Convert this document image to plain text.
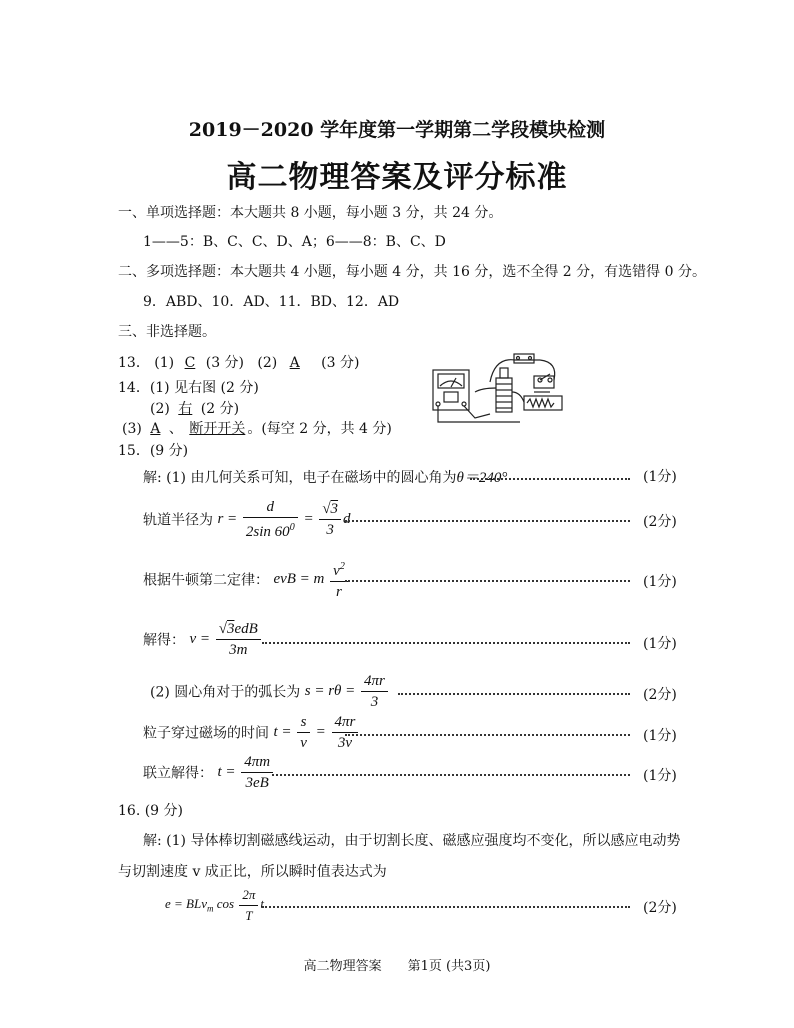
2019－2020 学年度第一学期第二学段模块检测
高二物理答案及评分标准
一、单项选择题：本大题共 8 小题，每小题 3 分，共 24 分。
1——5：B、C、C、D、A；6——8：B、C、D
二、多项选择题：本大题共 4 小题，每小题 4 分，共 16 分，选不全得 2 分，有选错得 0 分。
9．ABD、10．AD、11．BD、12．AD
三、非选择题。
13． (1) C (3 分) (2) A (3 分)
14．(1) 见右图 (2 分)
(2) 右 (2 分)
(3) A 、 断开开关 。(每空 2 分，共 4 分)
15．(9 分)
解: (1) 由几何关系可知，电子在磁场中的圆心角为θ＝240°	(1分)
轨道半径为 $r = \frac{d}{2\sin 60^0} = \frac{√3}{3}$ d	(2分)
根据牛顿第二定律： evB = m $\frac{v^2}{r}$	(1分)
解得： $v = \frac{\text{√3edB}}{3m}$	(1分)
(2) 圆心角对于的弧长为 $s = r\theta = \frac{4\pi r}{3}$	(2分)
粒子穿过磁场的时间 $t = \frac{s}{v} = \frac{4\pi r}{3v}$	(1分)
联立解得： $t = \frac{4\pi m}{3eB}$	(1分)
16. (9 分)
解: (1) 导体棒切割磁感线运动，由于切割长度、磁感应强度均不变化，所以感应电动势
与切割速度 v 成正比，所以瞬时值表达式为
e = BLv$_m$ $\cos \frac{2\pi}{T}$ t	(2分)
高二物理答案　　第1页 (共3页)
